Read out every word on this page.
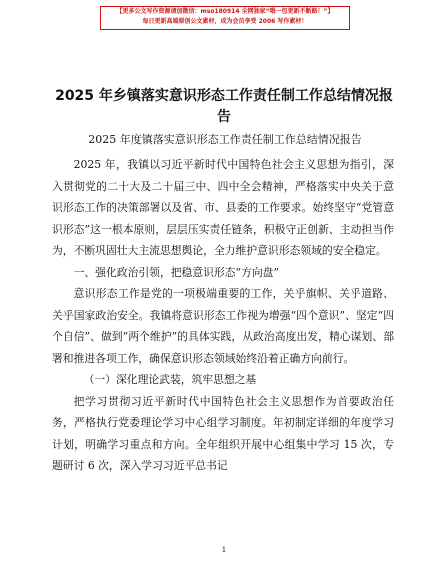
【更多公文写作资源请加微信：mso180914 全网独家“哦一包更新不断路！”】
每日更新高端原创公文素材，成为会员享受 2006 写作素材！
2025 年乡镇落实意识形态工作责任制工作总结情况报告
2025 年度镇落实意识形态工作责任制工作总结情况报告

2025 年，我镇以习近平新时代中国特色社会主义思想为指引，深入贯彻党的二十大及二十届三中、四中全会精神，严格落实中央关于意识形态工作的决策部署以及省、市、县委的工作要求。始终坚守“党管意识形态”这一根本原则，层层压实责任链条，积极守正创新、主动担当作为，不断巩固壮大主流思想舆论，全力维护意识形态领域的安全稳定。

一、强化政治引领，把稳意识形态“方向盘”

意识形态工作是党的一项极端重要的工作，关乎旗帜、关乎道路、关乎国家政治安全。我镇将意识形态工作视为增强“四个意识”、坚定“四个自信”、做到“两个维护”的具体实践，从政治高度出发，精心谋划、部署和推进各项工作，确保意识形态领域始终沿着正确方向前行。

（一）深化理论武装，筑牢思想之基

把学习贯彻习近平新时代中国特色社会主义思想作为首要政治任务，严格执行党委理论学习中心组学习制度。年初制定详细的年度学习计划，明确学习重点和方向。全年组织开展中心组集中学习 15 次，专题研讨 6 次，深入学习习近平总书记

1
